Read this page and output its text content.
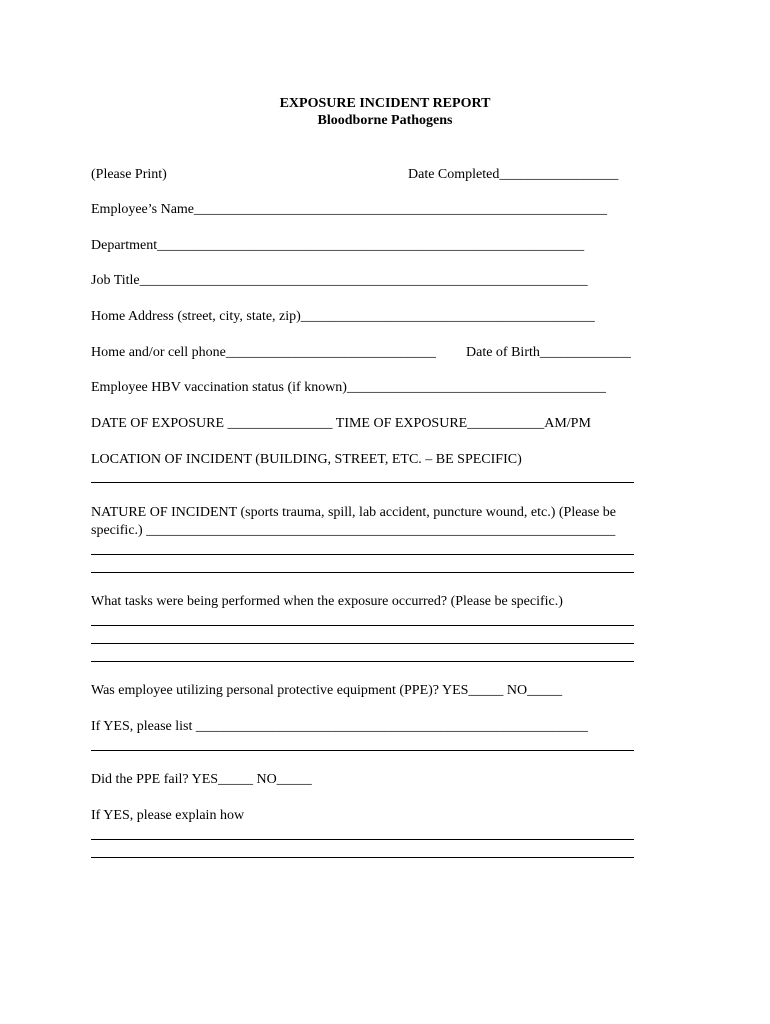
EXPOSURE INCIDENT REPORT
Bloodborne Pathogens
(Please Print)	Date Completed_________________
Employee’s Name___________________________________________________________
Department_____________________________________________________________
Job Title________________________________________________________________
Home Address (street, city, state, zip)__________________________________________
Home and/or cell phone______________________________ Date of Birth_____________
Employee HBV vaccination status (if known)_____________________________________
DATE OF EXPOSURE _______________ TIME OF EXPOSURE___________AM/PM
LOCATION OF INCIDENT (BUILDING, STREET, ETC. – BE SPECIFIC)
NATURE OF INCIDENT (sports trauma, spill, lab accident, puncture wound, etc.) (Please be
specific.) ___________________________________________________________________
What tasks were being performed when the exposure occurred? (Please be specific.)
Was employee utilizing personal protective equipment (PPE)? YES_____ NO_____
If YES, please list ________________________________________________________
Did the PPE fail? YES_____ NO_____
If YES, please explain how
